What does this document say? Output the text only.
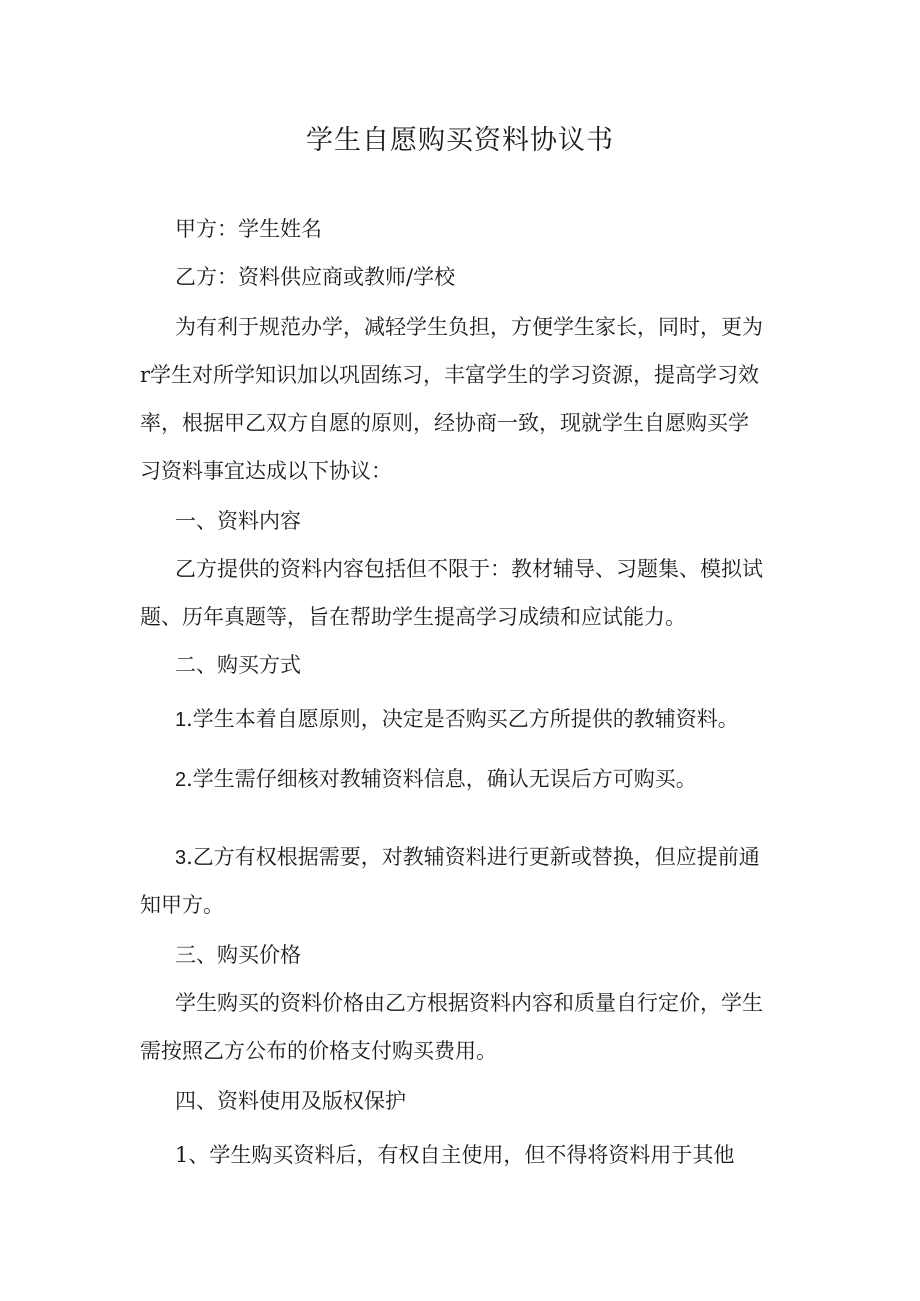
学生自愿购买资料协议书
甲方：学生姓名
乙方：资料供应商或教师/学校
为有利于规范办学，减轻学生负担，方便学生家长，同时，更为
r学生对所学知识加以巩固练习，丰富学生的学习资源，提高学习效
率，根据甲乙双方自愿的原则，经协商一致，现就学生自愿购买学
习资料事宜达成以下协议：
一、资料内容
乙方提供的资料内容包括但不限于：教材辅导、习题集、模拟试
题、历年真题等，旨在帮助学生提高学习成绩和应试能力。
二、购买方式
1.学生本着自愿原则，决定是否购买乙方所提供的教辅资料。
2.学生需仔细核对教辅资料信息，确认无误后方可购买。
3.乙方有权根据需要，对教辅资料进行更新或替换，但应提前通
知甲方。
三、购买价格
学生购买的资料价格由乙方根据资料内容和质量自行定价，学生
需按照乙方公布的价格支付购买费用。
四、资料使用及版权保护
1、学生购买资料后，有权自主使用，但不得将资料用于其他
